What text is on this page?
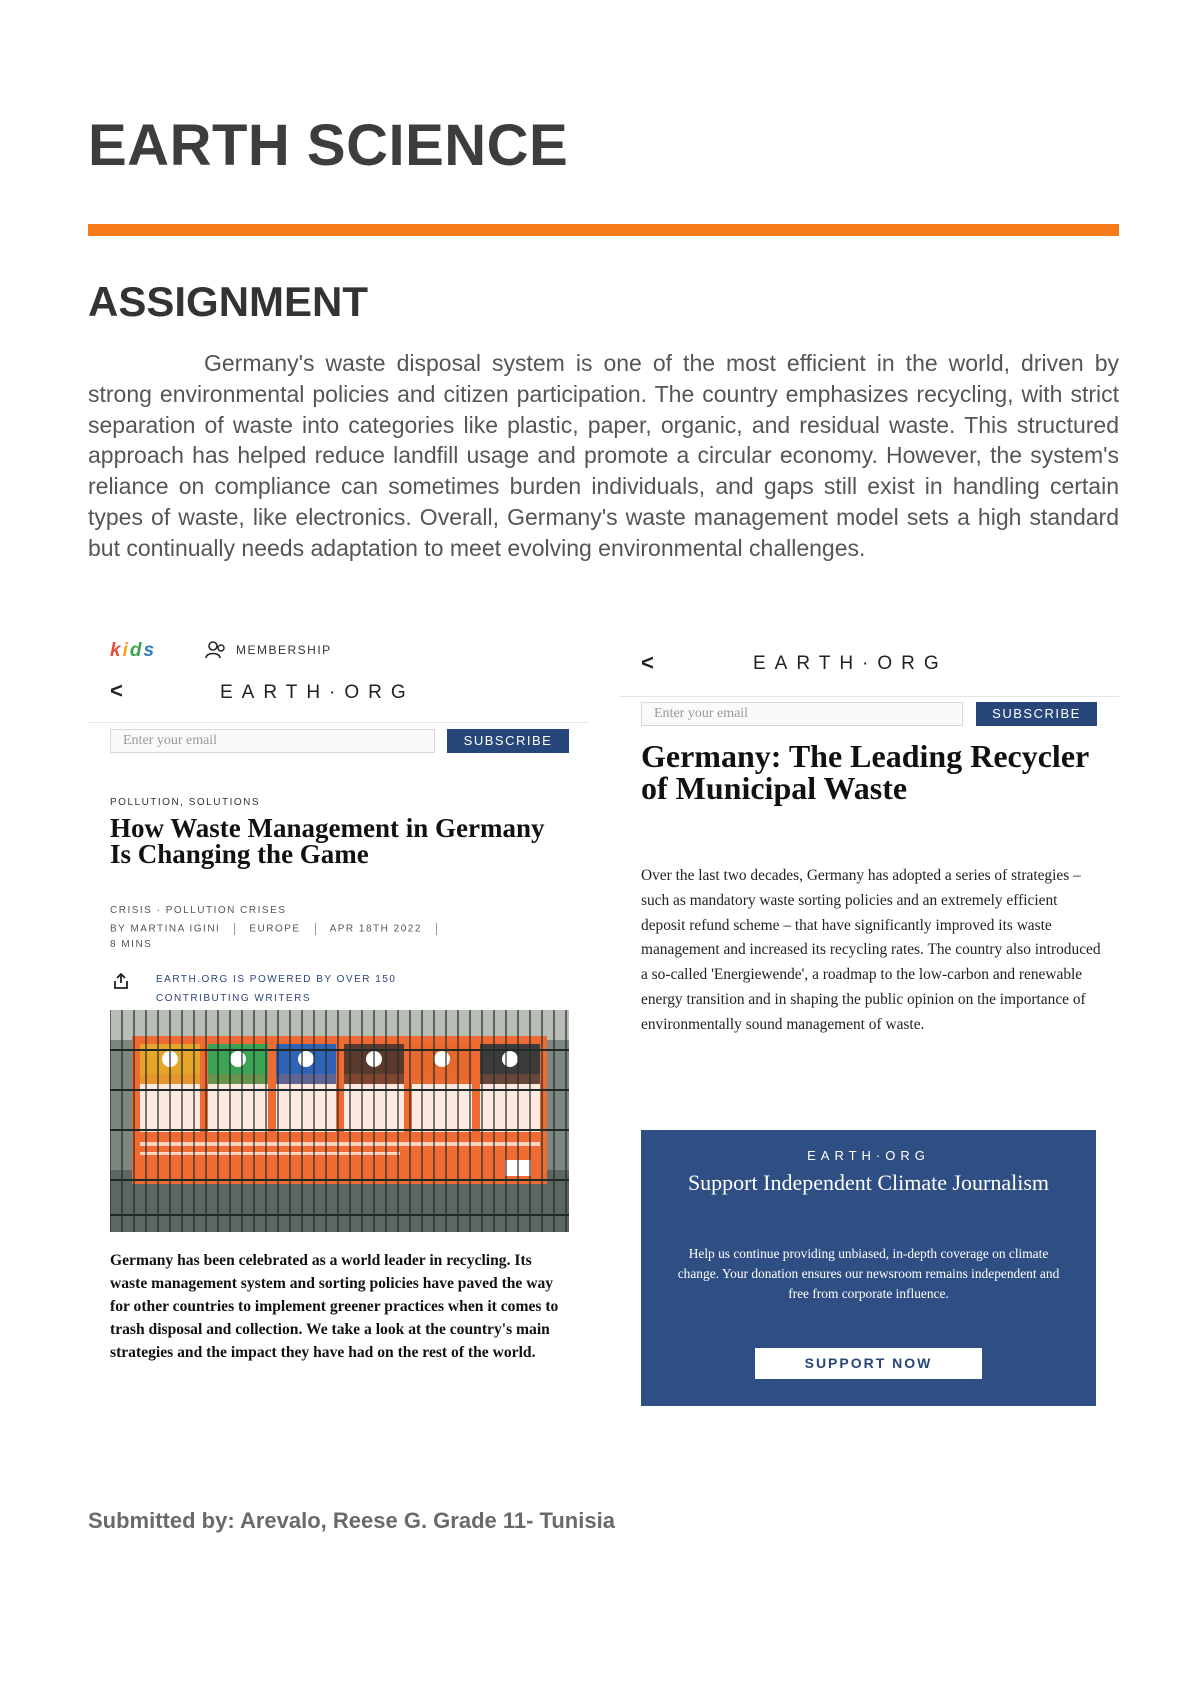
EARTH SCIENCE
ASSIGNMENT

Germany's waste disposal system is one of the most efficient in the world, driven by strong environmental policies and citizen participation. The country emphasizes recycling, with strict separation of waste into categories like plastic, paper, organic, and residual waste. This structured approach has helped reduce landfill usage and promote a circular economy. However, the system's reliance on compliance can sometimes burden individuals, and gaps still exist in handling certain types of waste, like electronics. Overall, Germany's waste management model sets a high standard but continually needs adaptation to meet evolving environmental challenges.

kids	MEMBERSHIP
<	EARTH·ORG
Enter your email	SUBSCRIBE
POLLUTION, SOLUTIONS
How Waste Management in Germany Is Changing the Game
CRISIS · POLLUTION CRISES
BY MARTINA IGINI	EUROPE	APR 18TH 2022
8 MINS
EARTH.ORG IS POWERED BY OVER 150 CONTRIBUTING WRITERS

Germany has been celebrated as a world leader in recycling. Its waste management system and sorting policies have paved the way for other countries to implement greener practices when it comes to trash disposal and collection. We take a look at the country's main strategies and the impact they have had on the rest of the world.

<	EARTH·ORG
Enter your email	SUBSCRIBE
Germany: The Leading Recycler of Municipal Waste

Over the last two decades, Germany has adopted a series of strategies – such as mandatory waste sorting policies and an extremely efficient deposit refund scheme – that have significantly improved its waste management and increased its recycling rates. The country also introduced a so-called 'Energiewende', a roadmap to the low-carbon and renewable energy transition and in shaping the public opinion on the importance of environmentally sound management of waste.

EARTH·ORG
Support Independent Climate Journalism
Help us continue providing unbiased, in-depth coverage on climate change. Your donation ensures our newsroom remains independent and free from corporate influence.
SUPPORT NOW
Submitted by: Arevalo, Reese G. Grade 11- Tunisia
